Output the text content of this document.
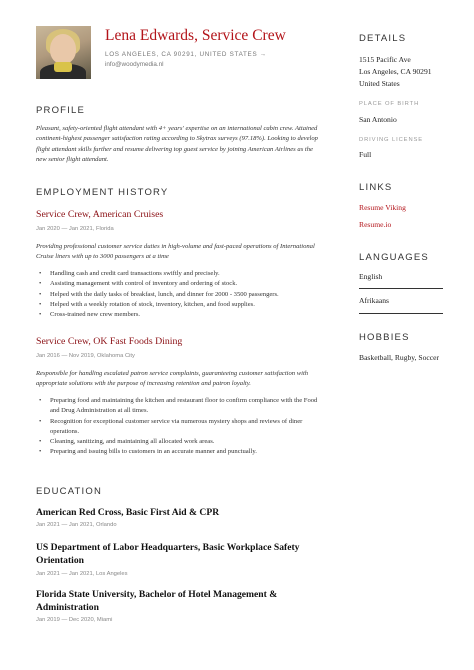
Lena Edwards, Service Crew
LOS ANGELES, CA 90291, UNITED STATES →
info@woodymedia.nl
PROFILE
Pleasant, safety-oriented flight attendant with 4+ years' expertise on an international cabin crew. Attained continent-highest passenger satisfaction rating according to Skytrax surveys (97.18%). Looking to develop flight attendant skills further and resume delivering top guest service by joining American Airlines as the new senior flight attendant.
EMPLOYMENT HISTORY
Service Crew, American Cruises
Jan 2020 — Jan 2021, Florida
Providing professional customer service duties in high-volume and fast-paced operations of International Cruise liners with up to 3000 passengers at a time
• Handling cash and credit card transactions swiftly and precisely.
• Assisting management with control of inventory and ordering of stock.
• Helped with the daily tasks of breakfast, lunch, and dinner for 2000 - 3500 passengers.
• Helped with a weekly rotation of stock, inventory, kitchen, and food supplies.
• Cross-trained new crew members.
Service Crew, OK Fast Foods Dining
Jan 2016 — Nov 2019, Oklahoma City
Responsible for handling escalated patron service complaints, guaranteeing customer satisfaction with appropriate solutions with the purpose of increasing retention and patron loyalty.
• Preparing food and maintaining the kitchen and restaurant floor to confirm compliance with the Food and Drug Administration at all times.
• Recognition for exceptional customer service via numerous mystery shops and reviews of diner operations.
• Cleaning, sanitizing, and maintaining all allocated work areas.
• Preparing and issuing bills to customers in an accurate manner and punctually.
EDUCATION
American Red Cross, Basic First Aid & CPR
Jan 2021 — Jan 2021, Orlando
US Department of Labor Headquarters, Basic Workplace Safety Orientation
Jan 2021 — Jan 2021, Los Angeles
Florida State University, Bachelor of Hotel Management & Administration
Jan 2019 — Dec 2020, Miami
DETAILS
1515 Pacific Ave
Los Angeles, CA 90291
United States
PLACE OF BIRTH
San Antonio
DRIVING LICENSE
Full
LINKS
Resume Viking
Resume.io
LANGUAGES
English
Afrikaans
HOBBIES
Basketball, Rugby, Soccer
